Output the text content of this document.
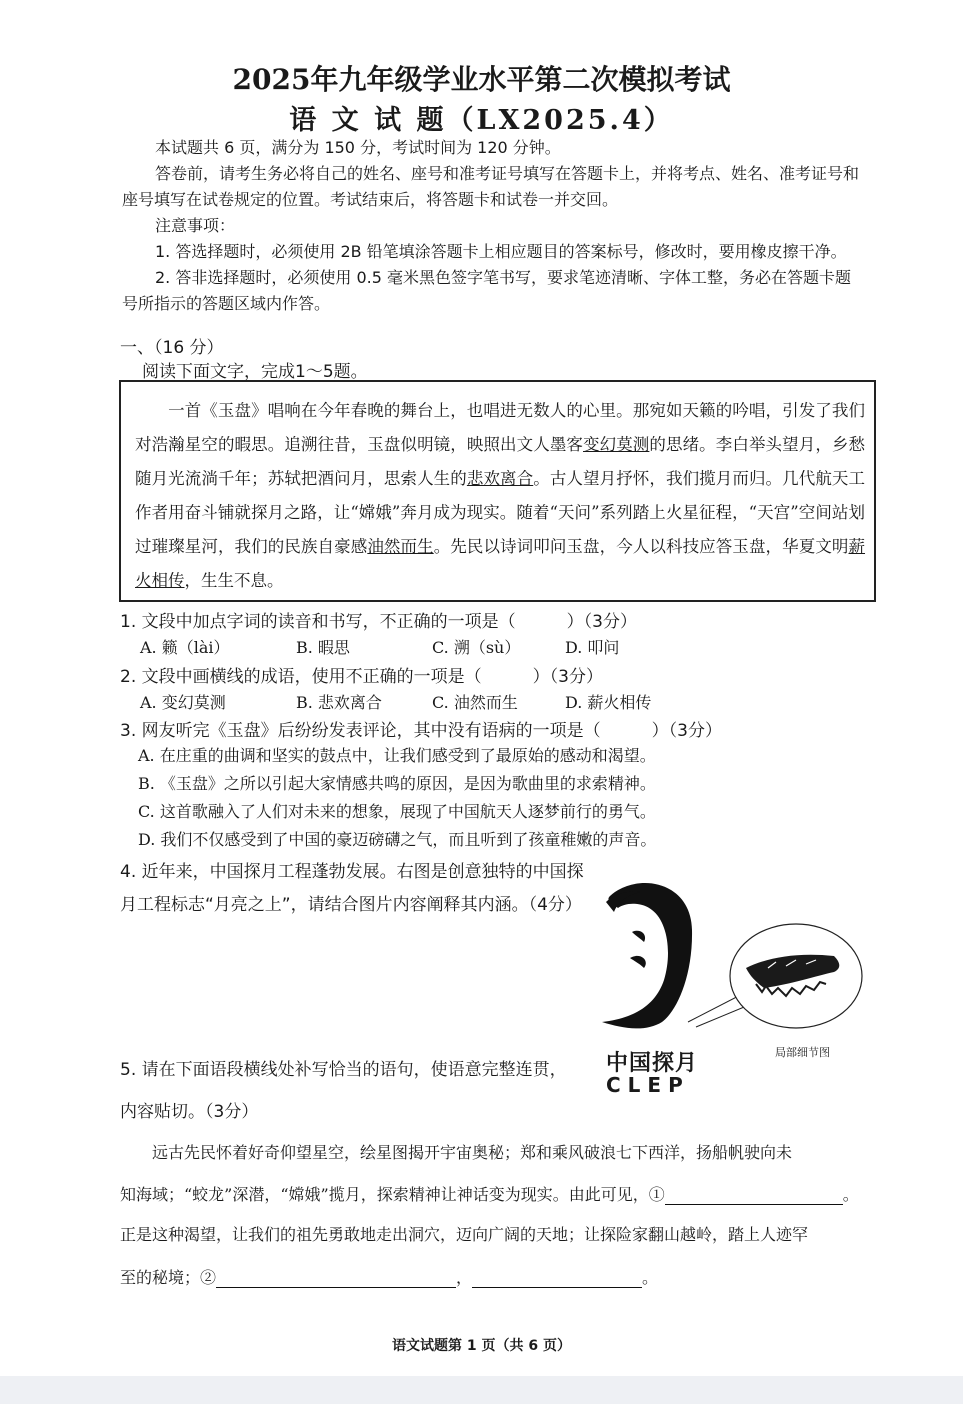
2025年九年级学业水平第二次模拟考试
语 文 试 题（LX2025.4）
本试题共 6 页，满分为 150 分，考试时间为 120 分钟。
答卷前，请考生务必将自己的姓名、座号和准考证号填写在答题卡上，并将考点、姓名、准考证号和
座号填写在试卷规定的位置。考试结束后，将答题卡和试卷一并交回。
注意事项：
1. 答选择题时，必须使用 2B 铅笔填涂答题卡上相应题目的答案标号，修改时，要用橡皮擦干净。
2. 答非选择题时，必须使用 0.5 毫米黑色签字笔书写，要求笔迹清晰、字体工整，务必在答题卡题
号所指示的答题区域内作答。
一、（16 分）
阅读下面文字，完成1～5题。
一首《玉盘》唱响在今年春晚的舞台上，也唱进无数人的心里。那宛如天籁的吟唱，引发了我们对浩瀚星空的暇思。追溯往昔，玉盘似明镜，映照出文人墨客变幻莫测的思绪。李白举头望月，乡愁随月光流淌千年；苏轼把酒问月，思索人生的悲欢离合。古人望月抒怀，我们揽月而归。几代航天工作者用奋斗铺就探月之路，让“嫦娥”奔月成为现实。随着“天问”系列踏上火星征程，“天宫”空间站划过璀璨星河，我们的民族自豪感油然而生。先民以诗词叩问玉盘，今人以科技应答玉盘，华夏文明薪火相传，生生不息。
1. 文段中加点字词的读音和书写，不正确的一项是（　　　）（3分）
A. 籁（lài）	B. 暇思	C. 溯（sù）	D. 叩问
2. 文段中画横线的成语，使用不正确的一项是（　　　）（3分）
A. 变幻莫测	B. 悲欢离合	C. 油然而生	D. 薪火相传
3. 网友听完《玉盘》后纷纷发表评论，其中没有语病的一项是（　　　）（3分）
A. 在庄重的曲调和坚实的鼓点中，让我们感受到了最原始的感动和渴望。
B. 《玉盘》之所以引起大家情感共鸣的原因，是因为歌曲里的求索精神。
C. 这首歌融入了人们对未来的想象，展现了中国航天人逐梦前行的勇气。
D. 我们不仅感受到了中国的豪迈磅礴之气，而且听到了孩童稚嫩的声音。
4. 近年来，中国探月工程蓬勃发展。右图是创意独特的中国探
月工程标志“月亮之上”，请结合图片内容阐释其内涵。（4分）
中国探月
CLEP
局部细节图
5. 请在下面语段横线处补写恰当的语句，使语意完整连贯，
内容贴切。（3分）
远古先民怀着好奇仰望星空，绘星图揭开宇宙奥秘；郑和乘风破浪七下西洋，扬船帆驶向未
知海域；“蛟龙”深潜，“嫦娥”揽月，探索精神让神话变为现实。由此可见，①	。
正是这种渴望，让我们的祖先勇敢地走出洞穴，迈向广阔的天地；让探险家翻山越岭，踏上人迹罕
至的秘境；②	，	。
语文试题第 1 页（共 6 页）
